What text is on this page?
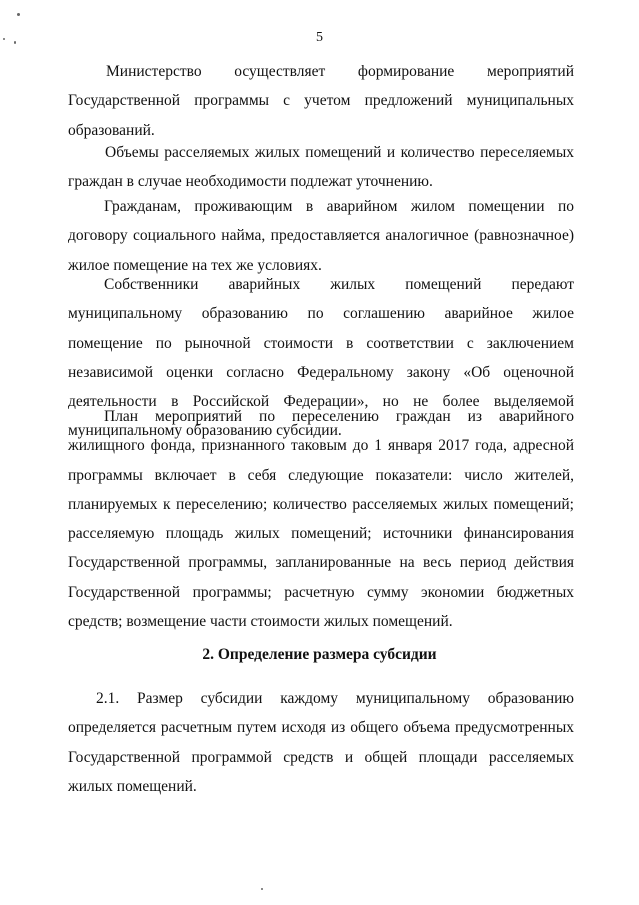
5

Министерство осуществляет формирование мероприятий Государственной программы с учетом предложений муниципальных образований.

Объемы расселяемых жилых помещений и количество переселяемых граждан в случае необходимости подлежат уточнению.

Гражданам, проживающим в аварийном жилом помещении по договору социального найма, предоставляется аналогичное (равнозначное) жилое помещение на тех же условиях.

Собственники аварийных жилых помещений передают муниципальному образованию по соглашению аварийное жилое помещение по рыночной стоимости в соответствии с заключением независимой оценки согласно Федеральному закону «Об оценочной деятельности в Российской Федерации», но не более выделяемой муниципальному образованию субсидии.

План мероприятий по переселению граждан из аварийного жилищного фонда, признанного таковым до 1 января 2017 года, адресной программы включает в себя следующие показатели: число жителей, планируемых к переселению; количество расселяемых жилых помещений; расселяемую площадь жилых помещений; источники финансирования Государственной программы, запланированные на весь период действия Государственной программы; расчетную сумму экономии бюджетных средств; возмещение части стоимости жилых помещений.

2. Определение размера субсидии

2.1. Размер субсидии каждому муниципальному образованию определяется расчетным путем исходя из общего объема предусмотренных Государственной программой средств и общей площади расселяемых жилых помещений.
